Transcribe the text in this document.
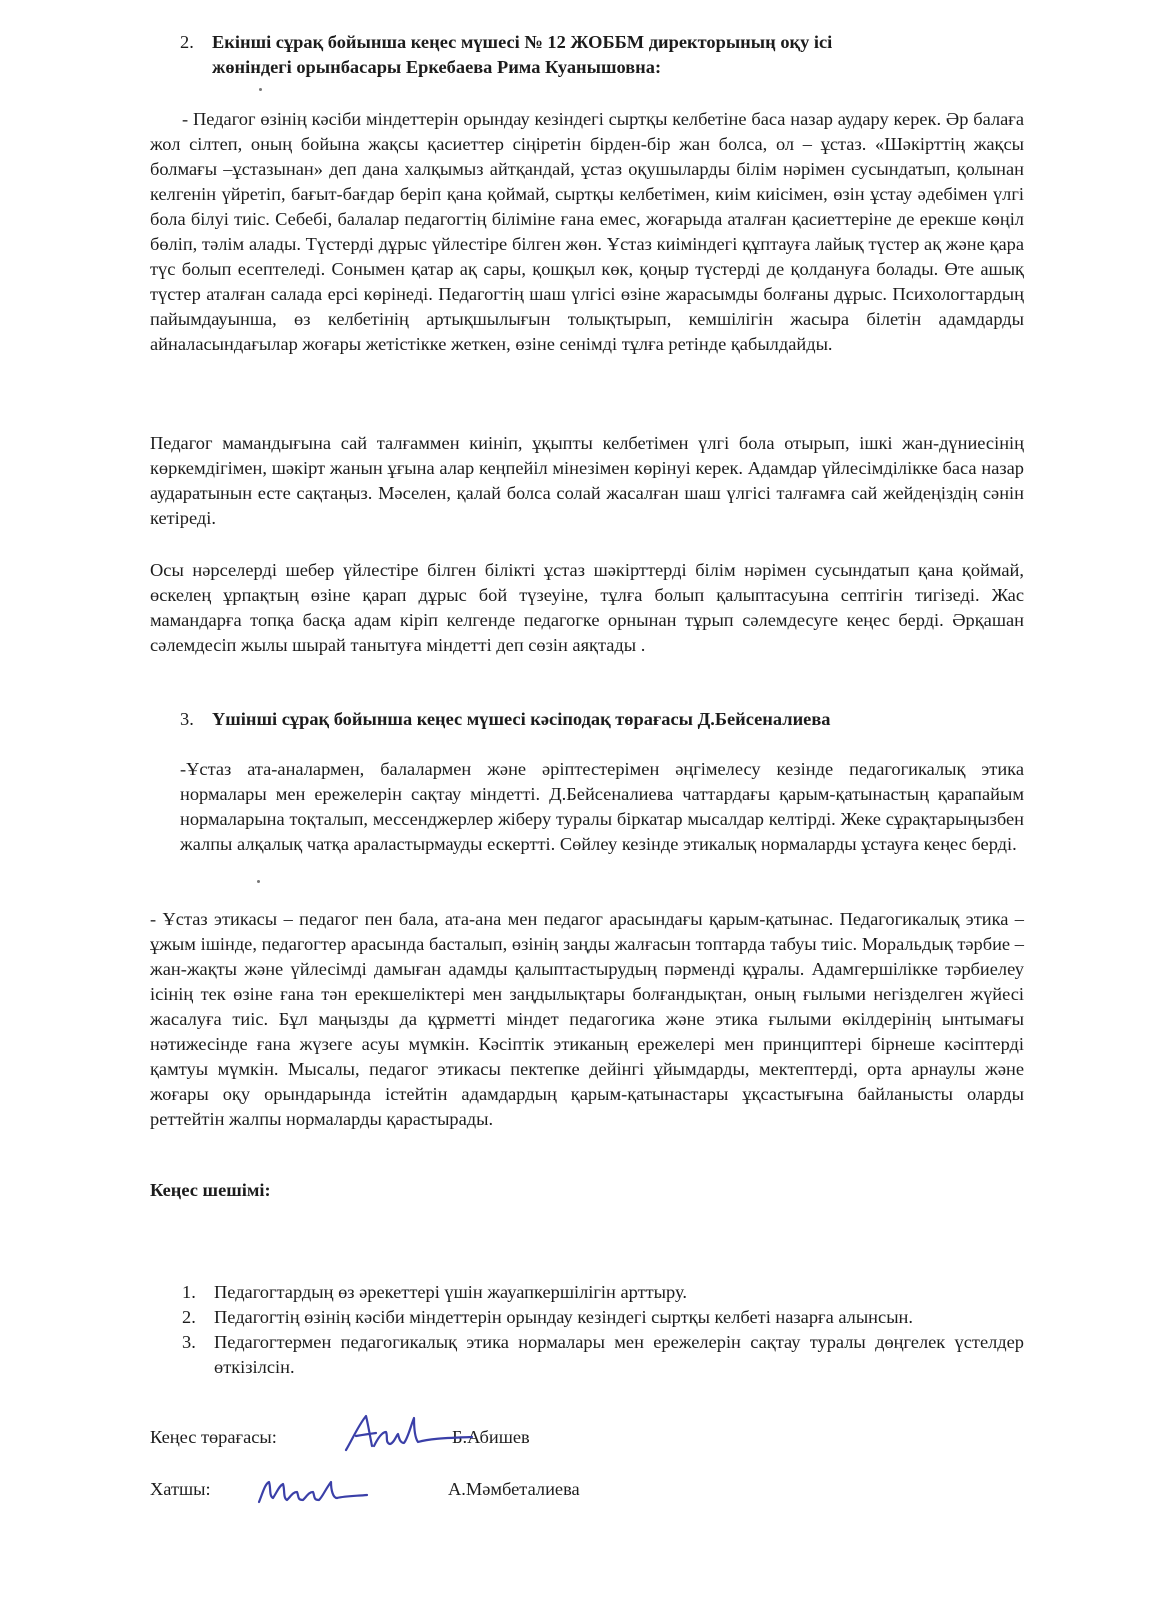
2. Екінші сұрақ бойынша кеңес мүшесі № 12 ЖОББМ директорының оқу ісі
жөніндегі орынбасары Еркебаева Рима Куанышовна:

- Педагог өзінің кәсіби міндеттерін орындау кезіндегі сыртқы келбетіне баса назар аудару керек. Әр балаға жол сілтеп, оның бойына жақсы қасиеттер сіңіретін бірден-бір жан болса, ол – ұстаз. «Шәкірттің жақсы болмағы –ұстазынан» деп дана халқымыз айтқандай, ұстаз оқушыларды білім нәрімен сусындатып, қолынан келгенін үйретіп, бағыт-бағдар беріп қана қоймай, сыртқы келбетімен, киім киісімен, өзін ұстау әдебімен үлгі бола білуі тиіс. Себебі, балалар педагогтің біліміне ғана емес, жоғарыда аталған қасиеттеріне де ерекше көңіл бөліп, тәлім алады. Түстерді дұрыс үйлестіре білген жөн. Ұстаз киіміндегі құптауға лайық түстер ақ және қара түс болып есептеледі. Сонымен қатар ақ сары, қошқыл көк, қоңыр түстерді де қолдануға болады. Өте ашық түстер аталған салада ерсі көрінеді. Педагогтің шаш үлгісі өзіне жарасымды болғаны дұрыс. Психологтардың пайымдауынша, өз келбетінің артықшылығын толықтырып, кемшілігін жасыра білетін адамдарды айналасындағылар жоғары жетістікке жеткен, өзіне сенімді тұлға ретінде қабылдайды.

Педагог мамандығына сай талғаммен киініп, ұқыпты келбетімен үлгі бола отырып, ішкі жан-дүниесінің көркемдігімен, шәкірт жанын ұғына алар кеңпейіл мінезімен көрінуі керек. Адамдар үйлесімділікке баса назар аударатынын есте сақтаңыз. Мәселен, қалай болса солай жасалған шаш үлгісі талғамға сай жейдеңіздің сәнін кетіреді.

Осы нәрселерді шебер үйлестіре білген білікті ұстаз шәкірттерді білім нәрімен сусындатып қана қоймай, өскелең ұрпақтың өзіне қарап дұрыс бой түзеуіне, тұлға болып қалыптасуына септігін тигізеді. Жас мамандарға топқа басқа адам кіріп келгенде педагогке орнынан тұрып сәлемдесуге кеңес берді. Әрқашан сәлемдесіп жылы шырай танытуға міндетті деп сөзін аяқтады .

3. Үшінші сұрақ бойынша кеңес мүшесі кәсіподақ төрағасы Д.Бейсеналиева

-Ұстаз ата-аналармен, балалармен және әріптестерімен әңгімелесу кезінде педагогикалық этика нормалары мен ережелерін сақтау міндетті. Д.Бейсеналиева чаттардағы қарым-қатынастың қарапайым нормаларына тоқталып, мессенджерлер жіберу туралы біркатар мысалдар келтірді. Жеке сұрақтарыңызбен жалпы алқалық чатқа араластырмауды ескертті. Сөйлеу кезінде этикалық нормаларды ұстауға кеңес берді.

- Ұстаз этикасы – педагог пен бала, ата-ана мен педагог арасындағы қарым-қатынас. Педагогикалық этика – ұжым ішінде, педагогтер арасында басталып, өзінің заңды жалғасын топтарда табуы тиіс. Моральдық тәрбие – жан-жақты және үйлесімді дамыған адамды қалыптастырудың пәрменді құралы. Адамгершілікке тәрбиелеу ісінің тек өзіне ғана тән ерекшеліктері мен заңдылықтары болғандықтан, оның ғылыми негізделген жүйесі жасалуға тиіс. Бұл маңызды да құрметті міндет педагогика және этика ғылыми өкілдерінің ынтымағы нәтижесінде ғана жүзеге асуы мүмкін. Кәсіптік этиканың ережелері мен принциптері бірнеше кәсіптерді қамтуы мүмкін. Мысалы, педагог этикасы пектепке дейінгі ұйымдарды, мектептерді, орта арнаулы және жоғары оқу орындарында істейтін адамдардың қарым-қатынастары ұқсастығына байланысты оларды реттейтін жалпы нормаларды қарастырады.

Кеңес шешімі:
1. Педагогтардың өз әрекеттері үшін жауапкершілігін арттыру.
2. Педагогтің өзінің кәсіби міндеттерін орындау кезіндегі сыртқы келбеті назарға алынсын.
3. Педагогтермен педагогикалық этика нормалары мен ережелерін сақтау туралы дөңгелек үстелдер өткізілсін.
Кеңес төрағасы:	Б.Абишев
Хатшы:	А.Мәмбеталиева
